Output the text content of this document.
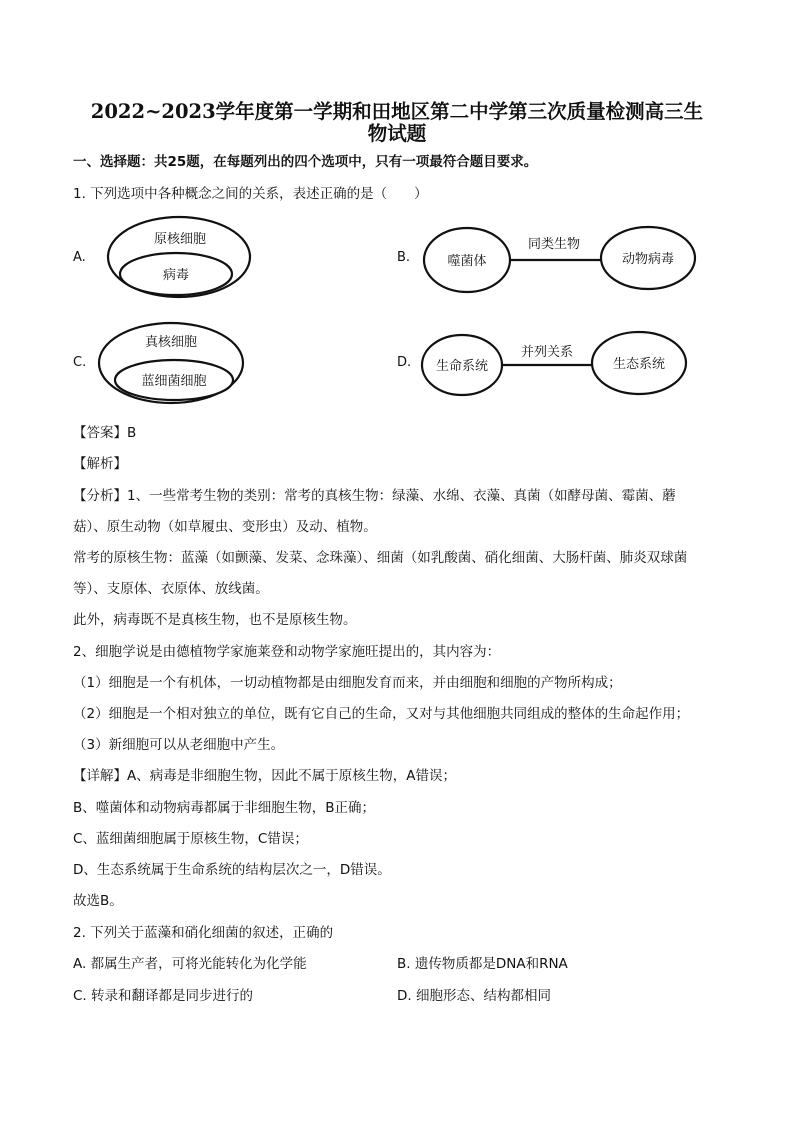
2022~2023学年度第一学期和田地区第二中学第三次质量检测高三生
物试题
一、选择题：共25题，在每题列出的四个选项中，只有一项最符合题目要求。
1. 下列选项中各种概念之间的关系，表述正确的是（　　）
A.
原核细胞
病毒
B.	噬菌体
同类生物
动物病毒
C.
真核细胞
蓝细菌细胞
D. 生命系统
并列关系
生态系统
【答案】B
【解析】
【分析】1、一些常考生物的类别：常考的真核生物：绿藻、水绵、衣藻、真菌（如酵母菌、霉菌、蘑
菇）、原生动物（如草履虫、变形虫）及动、植物。
常考的原核生物：蓝藻（如颤藻、发菜、念珠藻）、细菌（如乳酸菌、硝化细菌、大肠杆菌、肺炎双球菌
等）、支原体、衣原体、放线菌。
此外，病毒既不是真核生物，也不是原核生物。
2、细胞学说是由德植物学家施莱登和动物学家施旺提出的，其内容为：
（1）细胞是一个有机体，一切动植物都是由细胞发育而来，并由细胞和细胞的产物所构成；
（2）细胞是一个相对独立的单位，既有它自己的生命，又对与其他细胞共同组成的整体的生命起作用；
（3）新细胞可以从老细胞中产生。
【详解】A、病毒是非细胞生物，因此不属于原核生物，A错误；
B、噬菌体和动物病毒都属于非细胞生物，B正确；
C、蓝细菌细胞属于原核生物，C错误；
D、生态系统属于生命系统的结构层次之一，D错误。
故选B。
2. 下列关于蓝藻和硝化细菌的叙述，正确的
A. 都属生产者，可将光能转化为化学能	B. 遗传物质都是DNA和RNA
C. 转录和翻译都是同步进行的	D. 细胞形态、结构都相同
